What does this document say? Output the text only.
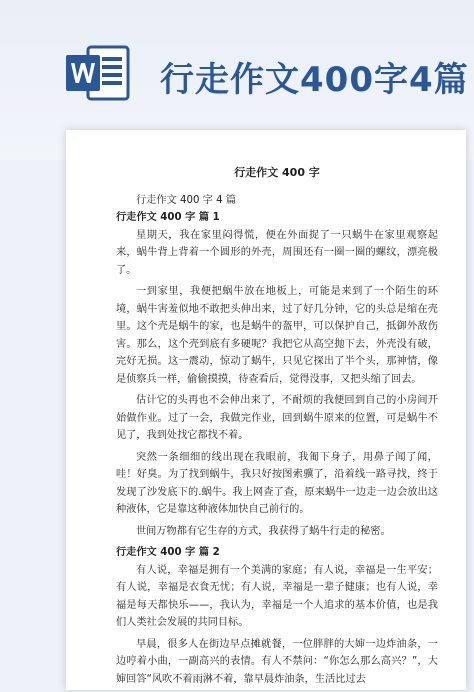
行走作文400字4篇
行走作文 400 字

行走作文 400 字 4 篇

行走作文 400 字 篇 1

星期天，我在家里闷得慌，便在外面捉了一只蜗牛在家里观察起来，蜗牛背上背着一个圆形的外壳，周围还有一圈一圈的螺纹，漂亮极了。

一到家里，我便把蜗牛放在地板上，可能是来到了一个陌生的环境，蜗牛害羞似地不敢把头伸出来，过了好几分钟，它的头总是缩在壳里。这个壳是蜗牛的家，也是蜗牛的盔甲，可以保护自己，抵御外敌伤害。那么，这个壳到底有多硬呢？我把它从高空抛下去，外壳没有破，完好无损。这一震动，惊动了蜗牛，只见它探出了半个头，那神情，像是侦察兵一样，偷偷摸摸，待查看后，觉得没事，又把头缩了回去。

估计它的头再也不会伸出来了，不耐烦的我便回到自己的小房间开始做作业。过了一会，我做完作业，回到蜗牛原来的位置，可是蜗牛不见了，我到处找它都找不着。

突然一条细细的线出现在我眼前，我匍下身子，用鼻子闻了闻，哇！好臭。为了找到蜗牛，我只好按图索骥了，沿着线一路寻找，终于发现了沙发底下的.蜗牛。我上网查了查，原来蜗牛一边走一边会放出这种液体，它是靠这种液体加快自己前行的。

世间万物都有它生存的方式，我获得了蜗牛行走的秘密。

行走作文 400 字 篇 2

有人说，幸福是拥有一个美满的家庭；有人说，幸福是一生平安；有人说，幸福是衣食无忧；有人说，幸福是一辈子健康；也有人说，幸福是每天都快乐——，我认为，幸福是一个人追求的基本价值，也是我们人类社会发展的共同目标。

早晨，很多人在街边早点摊就餐，一位胖胖的大婶一边炸油条，一边哼着小曲，一副高兴的表情。有人不禁问：“你怎么那么高兴？”，大婶回答“风吹不着雨淋不着，靠早晨炸油条，生活比过去
